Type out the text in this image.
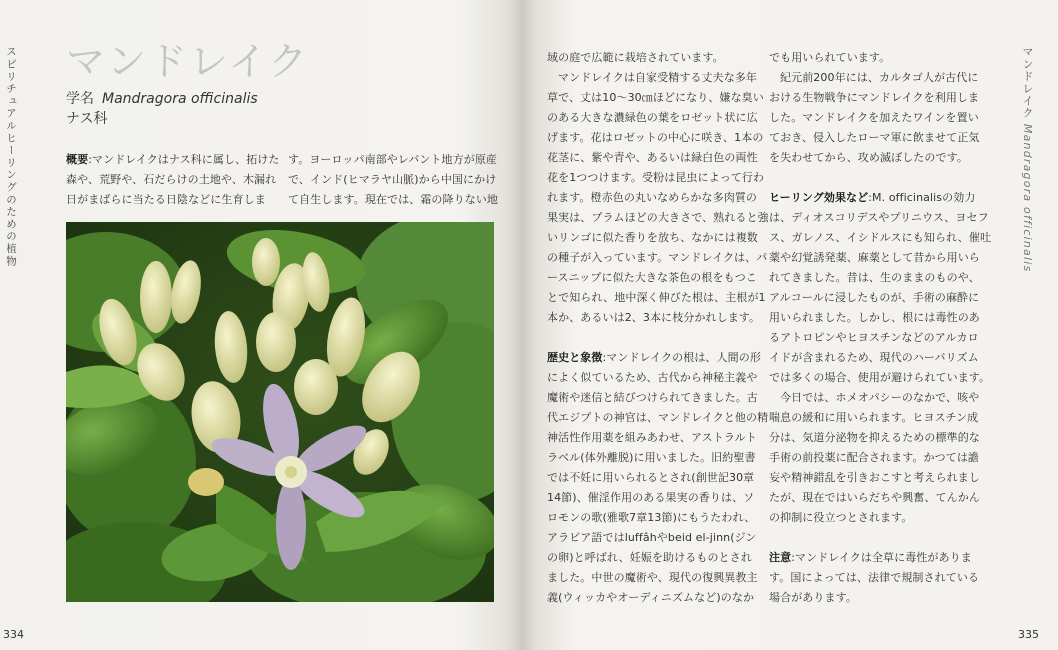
スピリチュアルヒーリングのための植物 マンドレイク
学名 Mandragora officinalis
ナス科

概要:マンドレイクはナス科に属し、拓けた

森や、荒野や、石だらけの土地や、木漏れ

日がまばらに当たる日陰などに生育しま

す。ヨーロッパ南部やレバント地方が原産

で、インド(ヒマラヤ山脈)から中国にかけ

て自生します。現在では、霜の降りない地

334

域の庭で広範に栽培されています。

マンドレイクは自家受精する丈夫な多年

草で、丈は10〜30㎝ほどになり、嫌な臭い

のある大きな濃緑色の葉をロゼット状に広

げます。花はロゼットの中心に咲き、1本の

花茎に、紫や青や、あるいは緑白色の両性

花を1つつけます。受粉は昆虫によって行わ

れます。橙赤色の丸いなめらかな多肉質の

果実は、プラムほどの大きさで、熟れると強

いリンゴに似た香りを放ち、なかには複数

の種子が入っています。マンドレイクは、パ

ースニップに似た大きな茶色の根をもつこ

とで知られ、地中深く伸びた根は、主根が1

本か、あるいは2、3本に枝分かれします。

歴史と象徴:マンドレイクの根は、人間の形

によく似ているため、古代から神秘主義や

魔術や迷信と結びつけられてきました。古

代エジプトの神官は、マンドレイクと他の精

神活性作用薬を組みあわせ、アストラルト

ラベル(体外離脱)に用いました。旧約聖書

では不妊に用いられるとされ(創世記30章

14節)、催淫作用のある果実の香りは、ソ

ロモンの歌(雅歌7章13節)にもうたわれ、

アラビア語ではluffâhやbeid el-jinn(ジン

の卵)と呼ばれ、妊娠を助けるものとされ

ました。中世の魔術や、現代の復興異教主

義(ウィッカやオーディニズムなど)のなか

でも用いられています。

紀元前200年には、カルタゴ人が古代に

おける生物戦争にマンドレイクを利用しま

した。マンドレイクを加えたワインを置い

ておき、侵入したローマ軍に飲ませて正気

を失わせてから、攻め滅ぼしたのです。

ヒーリング効果など:M. officinalisの効力

は、ディオスコリデスやプリニウス、ヨセフ

ス、ガレノス、イシドルスにも知られ、催吐

薬や幻覚誘発薬、麻薬として昔から用いら

れてきました。昔は、生のままのものや、

アルコールに浸したものが、手術の麻酔に

用いられました。しかし、根には毒性のあ

るアトロピンやヒヨスチンなどのアルカロ

イドが含まれるため、現代のハーバリズム

では多くの場合、使用が避けられています。

今日では、ホメオパシーのなかで、咳や

喘息の緩和に用いられます。ヒヨスチン成

分は、気道分泌物を抑えるための標準的な

手術の前投薬に配合されます。かつては譫

妄や精神錯乱を引きおこすと考えられまし

たが、現在ではいらだちや興奮、てんかん

の抑制に役立つとされます。

注意:マンドレイクは全草に毒性がありま

す。国によっては、法律で規制されている

場合があります。

マンドレイク Mandragora officinalis
335
